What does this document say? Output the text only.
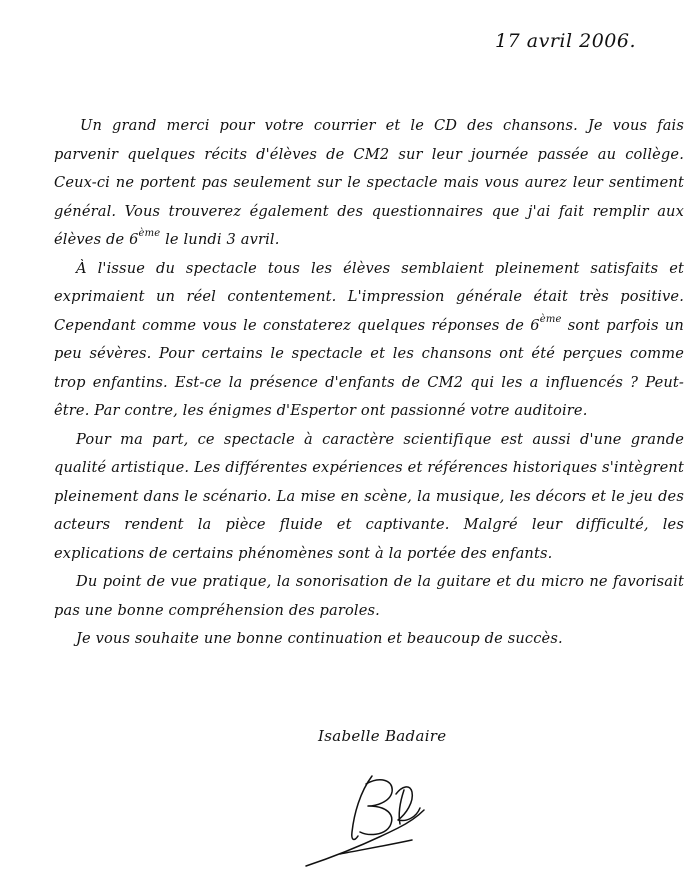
17 avril 2006.

Un grand merci pour votre courrier et le CD des chansons. Je vous fais parvenir quelques récits d'élèves de CM2 sur leur journée passée au collège. Ceux-ci ne portent pas seulement sur le spectacle mais vous aurez leur sentiment général. Vous trouverez également des questionnaires que j'ai fait remplir aux élèves de 6ème le lundi 3 avril.

À l'issue du spectacle tous les élèves semblaient pleinement satisfaits et exprimaient un réel contentement. L'impression générale était très positive. Cependant comme vous le constaterez quelques réponses de 6ème sont parfois un peu sévères. Pour certains le spectacle et les chansons ont été perçues comme trop enfantins. Est-ce la présence d'enfants de CM2 qui les a influencés ? Peut-être. Par contre, les énigmes d'Espertor ont passionné votre auditoire.

Pour ma part, ce spectacle à caractère scientifique est aussi d'une grande qualité artistique. Les différentes expériences et références historiques s'intègrent pleinement dans le scénario. La mise en scène, la musique, les décors et le jeu des acteurs rendent la pièce fluide et captivante. Malgré leur difficulté, les explications de certains phénomènes sont à la portée des enfants.

Du point de vue pratique, la sonorisation de la guitare et du micro ne favorisait pas une bonne compréhension des paroles.

Je vous souhaite une bonne continuation et beaucoup de succès.

Isabelle Badaire
